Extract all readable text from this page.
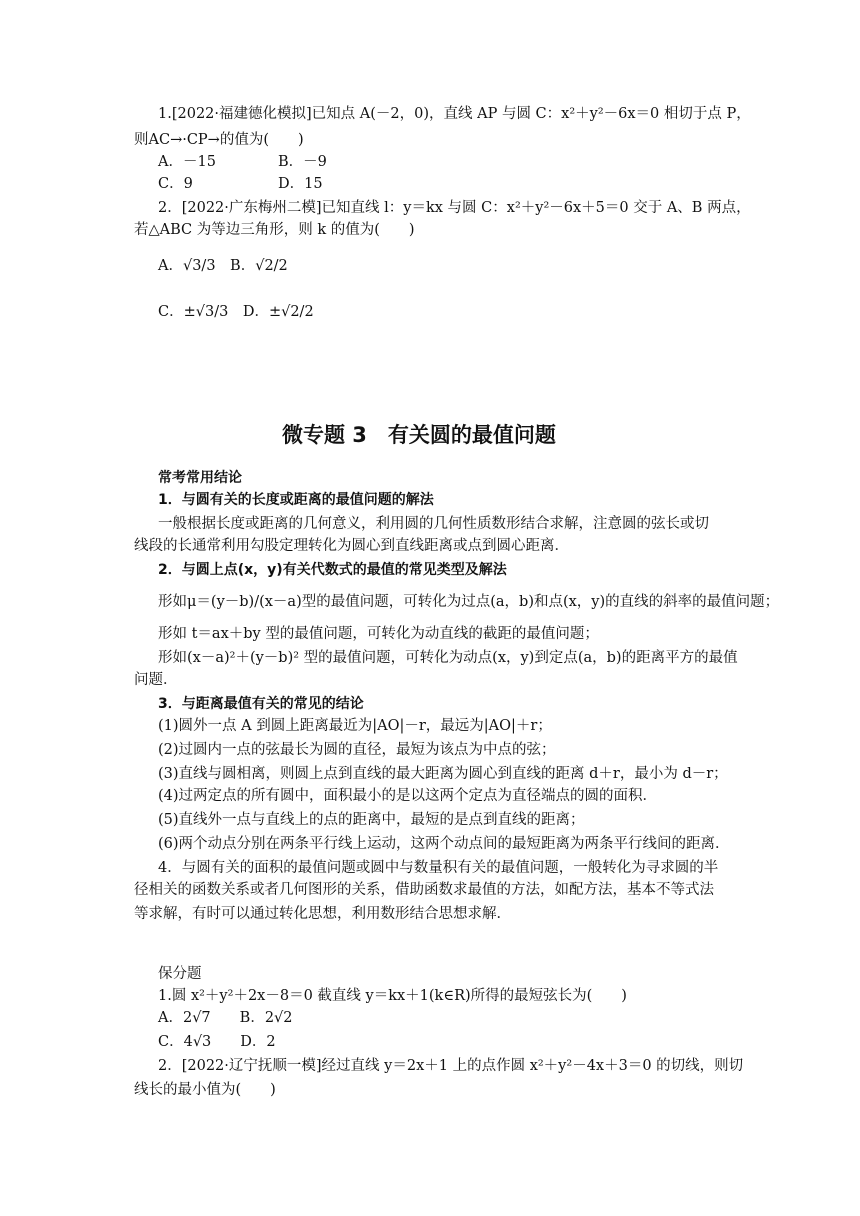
1.[2022·福建德化模拟]已知点 A(－2，0)，直线 AP 与圆 C：x²＋y²－6x＝0 相切于点 P，
则AC→·CP→的值为(　　)
A．－15	B．－9
C．9	D．15
2．[2022·广东梅州二模]已知直线 l：y＝kx 与圆 C：x²＋y²－6x＋5＝0 交于 A、B 两点，
若△ABC 为等边三角形，则 k 的值为(　　)
A．√3/3　B．√2/2
C．±√3/3　D．±√2/2
微专题 3　有关圆的最值问题
常考常用结论
1．与圆有关的长度或距离的最值问题的解法
一般根据长度或距离的几何意义，利用圆的几何性质数形结合求解，注意圆的弦长或切
线段的长通常利用勾股定理转化为圆心到直线距离或点到圆心距离．
2．与圆上点(x，y)有关代数式的最值的常见类型及解法
形如μ＝(y－b)/(x－a)型的最值问题，可转化为过点(a，b)和点(x，y)的直线的斜率的最值问题；
形如 t＝ax＋by 型的最值问题，可转化为动直线的截距的最值问题；
形如(x－a)²＋(y－b)² 型的最值问题，可转化为动点(x，y)到定点(a，b)的距离平方的最值
问题．
3．与距离最值有关的常见的结论
(1)圆外一点 A 到圆上距离最近为|AO|－r，最远为|AO|＋r；
(2)过圆内一点的弦最长为圆的直径，最短为该点为中点的弦；
(3)直线与圆相离，则圆上点到直线的最大距离为圆心到直线的距离 d＋r，最小为 d－r；
(4)过两定点的所有圆中，面积最小的是以这两个定点为直径端点的圆的面积．
(5)直线外一点与直线上的点的距离中，最短的是点到直线的距离；
(6)两个动点分别在两条平行线上运动，这两个动点间的最短距离为两条平行线间的距离．
4．与圆有关的面积的最值问题或圆中与数量积有关的最值问题，一般转化为寻求圆的半
径相关的函数关系或者几何图形的关系，借助函数求最值的方法，如配方法，基本不等式法
等求解，有时可以通过转化思想，利用数形结合思想求解．
保分题
1.圆 x²＋y²＋2x－8＝0 截直线 y＝kx＋1(k∈R)所得的最短弦长为(　　)
A．2√7　　B．2√2
C．4√3　　D．2
2．[2022·辽宁抚顺一模]经过直线 y＝2x＋1 上的点作圆 x²＋y²－4x＋3＝0 的切线，则切
线长的最小值为(　　)
